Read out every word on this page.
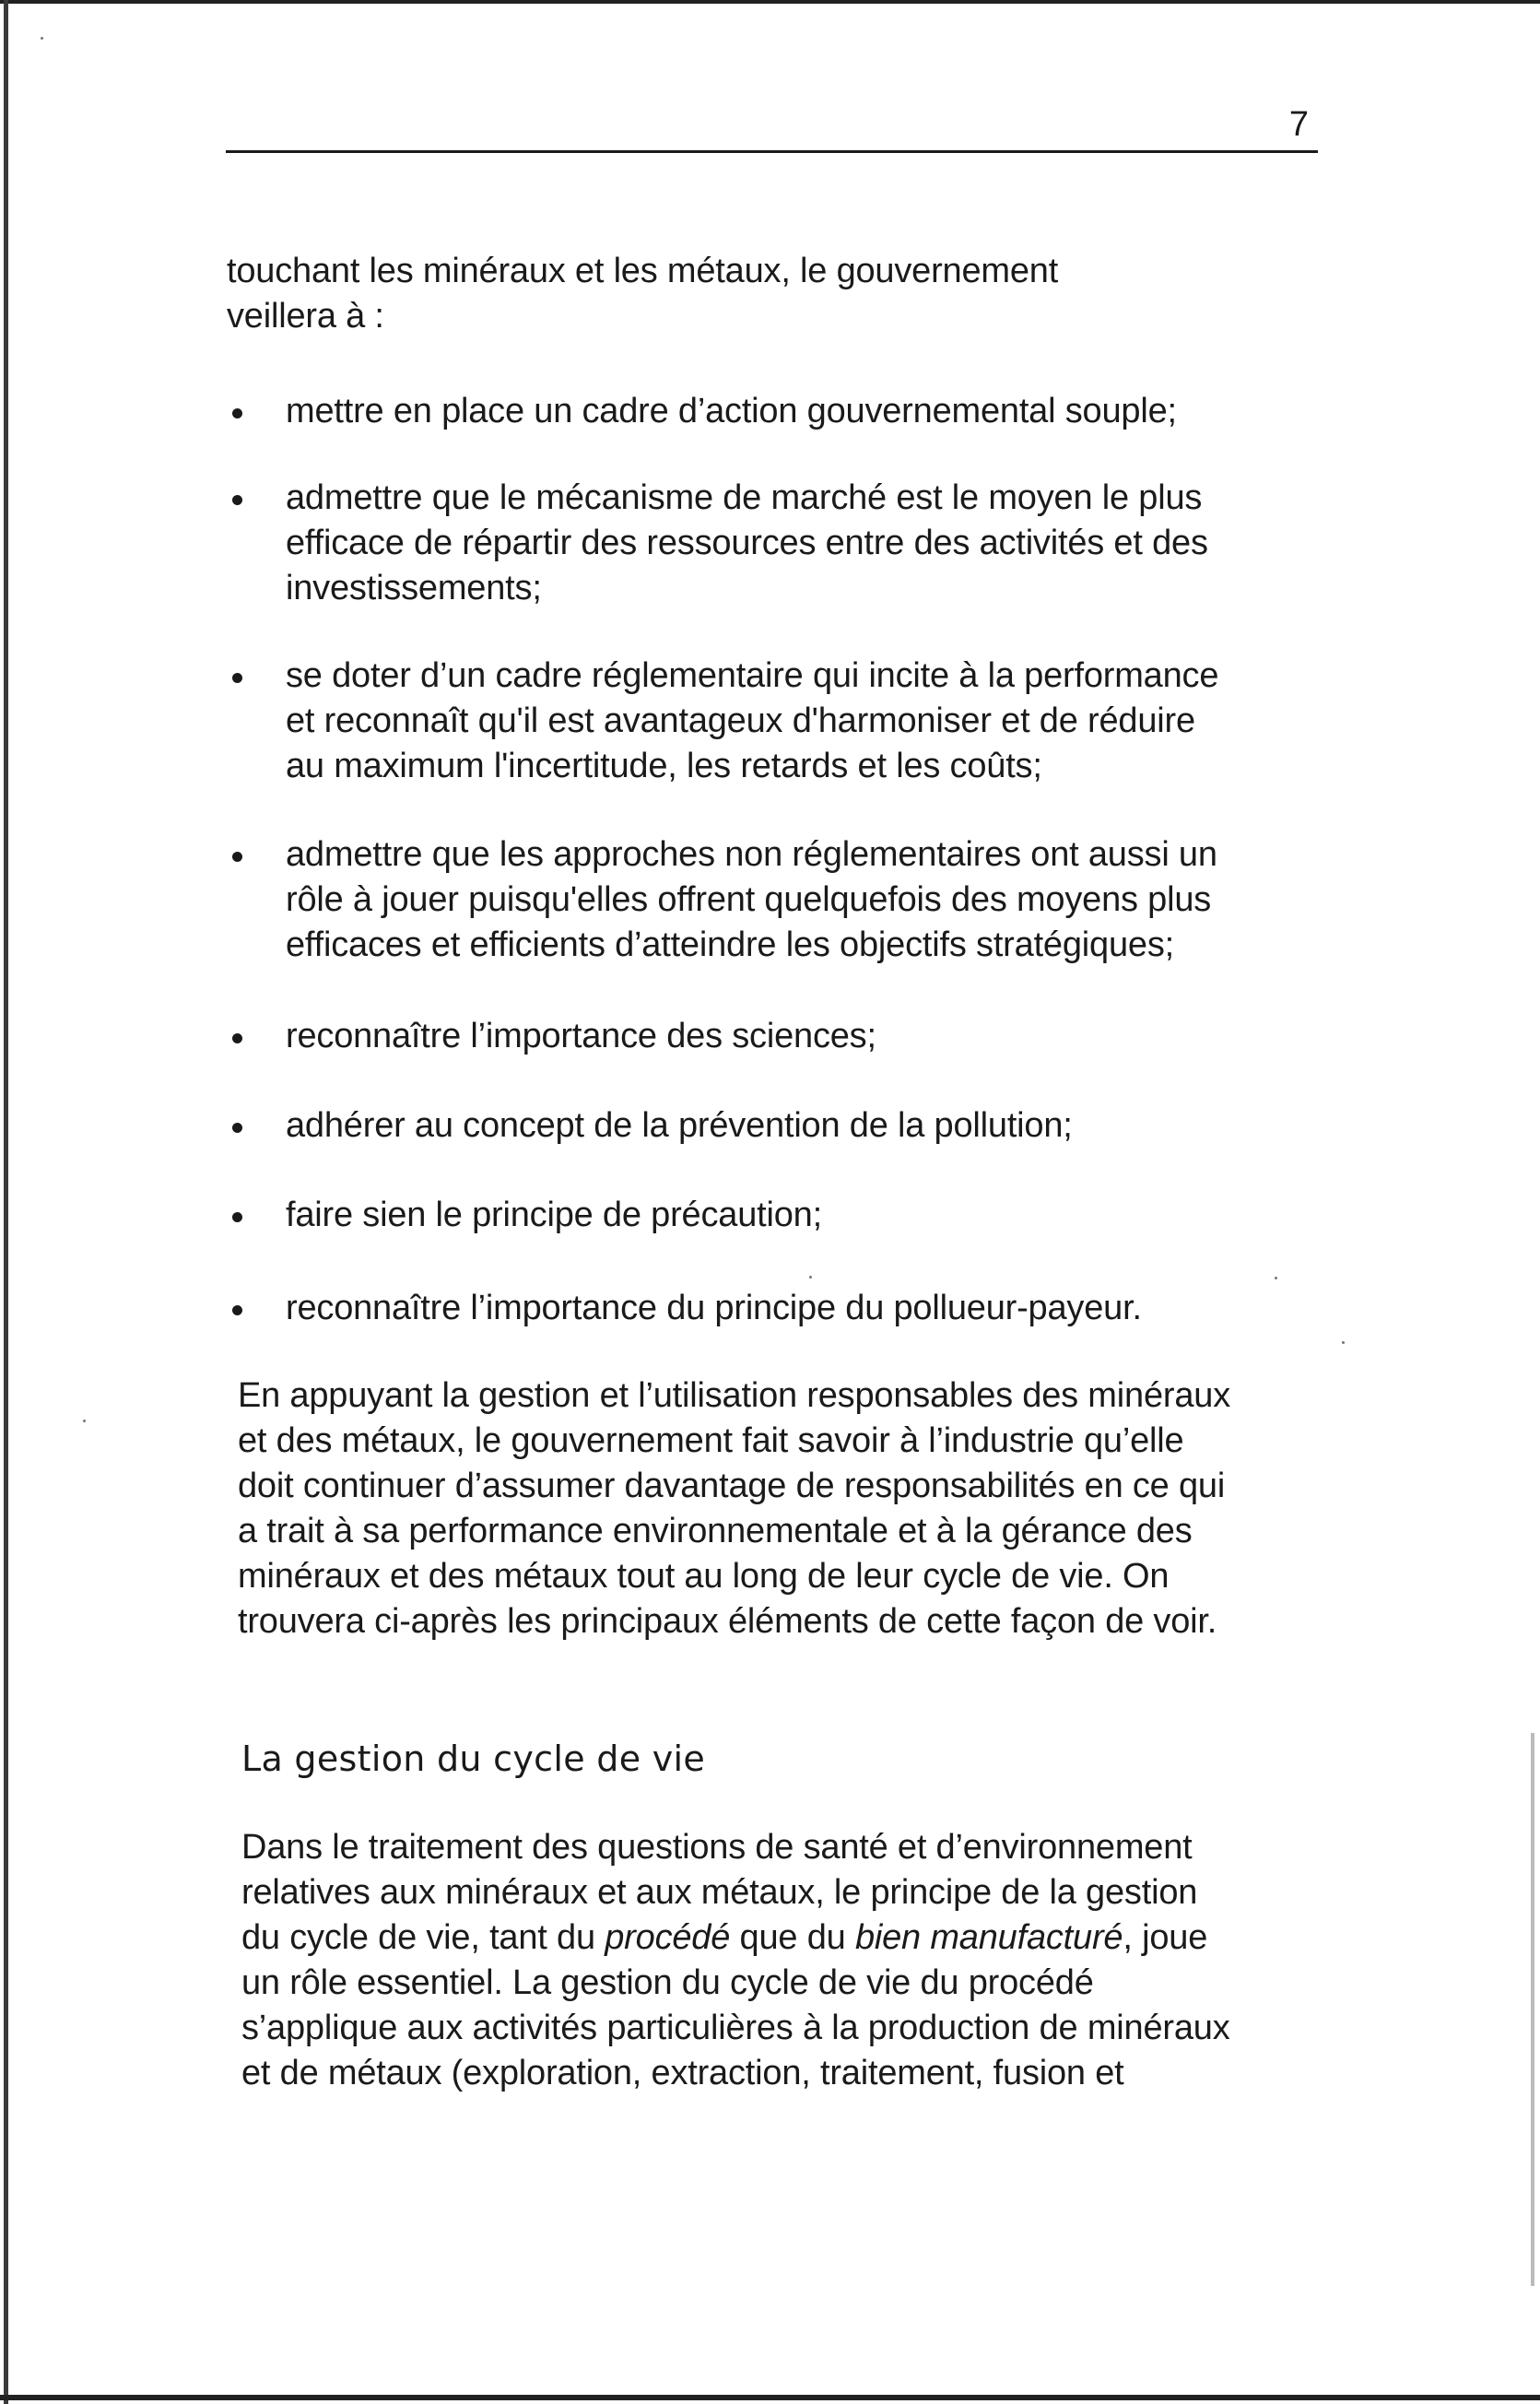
7
touchant les minéraux et les métaux, le gouvernement
veillera à :
mettre en place un cadre d’action gouvernemental souple;
admettre que le mécanisme de marché est le moyen le plus
efficace de répartir des ressources entre des activités et des
investissements;
se doter d’un cadre réglementaire qui incite à la performance
et reconnaît qu'il est avantageux d'harmoniser et de réduire
au maximum l'incertitude, les retards et les coûts;
admettre que les approches non réglementaires ont aussi un
rôle à jouer puisqu'elles offrent quelquefois des moyens plus
efficaces et efficients d’atteindre les objectifs stratégiques;
reconnaître l’importance des sciences;
adhérer au concept de la prévention de la pollution;
faire sien le principe de précaution;
reconnaître l’importance du principe du pollueur-payeur.
En appuyant la gestion et l’utilisation responsables des minéraux
et des métaux, le gouvernement fait savoir à l’industrie qu’elle
doit continuer d’assumer davantage de responsabilités en ce qui
a trait à sa performance environnementale et à la gérance des
minéraux et des métaux tout au long de leur cycle de vie. On
trouvera ci-après les principaux éléments de cette façon de voir.
La gestion du cycle de vie
Dans le traitement des questions de santé et d’environnement
relatives aux minéraux et aux métaux, le principe de la gestion
du cycle de vie, tant du procédé que du bien manufacturé, joue
un rôle essentiel. La gestion du cycle de vie du procédé
s’applique aux activités particulières à la production de minéraux
et de métaux (exploration, extraction, traitement, fusion et
